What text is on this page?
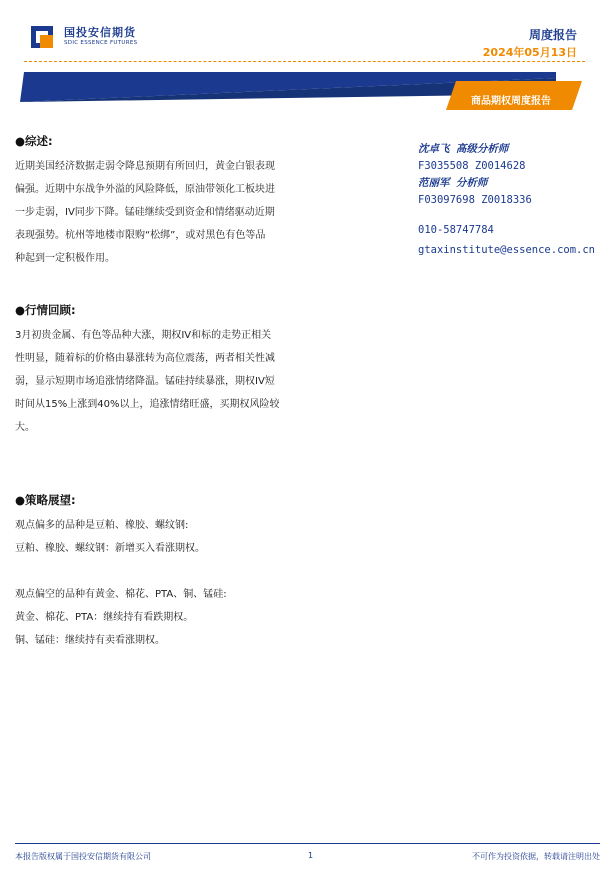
国投安信期货
SDIC ESSENCE FUTURES
周度报告
2024年05月13日
商品期权周度报告
●综述:

近期美国经济数据走弱令降息预期有所回归，黄金白银表现

偏强。近期中东战争外溢的风险降低，原油带领化工板块进

一步走弱，IV同步下降。锰硅继续受到资金和情绪驱动近期

表现强势。杭州等地楼市限购“松绑”，或对黑色有色等品

种起到一定积极作用。

●行情回顾:

3月初贵金属、有色等品种大涨，期权IV和标的走势正相关

性明显，随着标的价格由暴涨转为高位震荡，两者相关性减

弱，显示短期市场追涨情绪降温。锰硅持续暴涨，期权IV短

时间从15%上涨到40%以上，追涨情绪旺盛，买期权风险较

大。

●策略展望:

观点偏多的品种是豆粕、橡胶、螺纹钢:

豆粕、橡胶、螺纹钢：新增买入看涨期权。

观点偏空的品种有黄金、棉花、PTA、铜、锰硅:

黄金、棉花、PTA：继续持有看跌期权。

铜、锰硅：继续持有卖看涨期权。

沈卓飞 高级分析师
F3035508 Z0014628
范丽军 分析师
F03097698 Z0018336
010-58747784
gtaxinstitute@essence.com.cn
本报告版权属于国投安信期货有限公司	1	不可作为投资依据，转载请注明出处
